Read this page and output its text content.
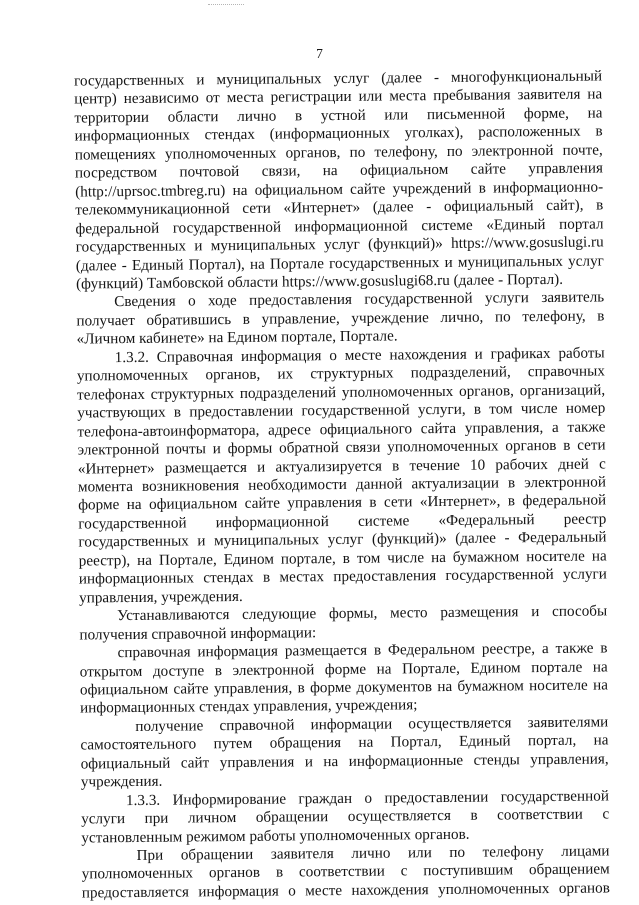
7
государственных и муниципальных услуг (далее - многофункциональный
центр) независимо от места регистрации или места пребывания заявителя на
территории области лично в устной или письменной форме, на
информационных стендах (информационных уголках), расположенных в
помещениях уполномоченных органов, по телефону, по электронной почте,
посредством почтовой связи, на официальном сайте управления
(http://uprsoc.tmbreg.ru) на официальном сайте учреждений в информационно-
телекоммуникационной сети «Интернет» (далее - официальный сайт), в
федеральной государственной информационной системе «Единый портал
государственных и муниципальных услуг (функций)» https://www.gosuslugi.ru
(далее - Единый Портал), на Портале государственных и муниципальных услуг
(функций) Тамбовской области https://www.gosuslugi68.ru (далее - Портал).
Сведения о ходе предоставления государственной услуги заявитель
получает обратившись в управление, учреждение лично, по телефону, в
«Личном кабинете» на Едином портале, Портале.
1.3.2. Справочная информация о месте нахождения и графиках работы
уполномоченных органов, их структурных подразделений, справочных
телефонах структурных подразделений уполномоченных органов, организаций,
участвующих в предоставлении государственной услуги, в том числе номер
телефона-автоинформатора, адресе официального сайта управления, а также
электронной почты и формы обратной связи уполномоченных органов в сети
«Интернет» размещается и актуализируется в течение 10 рабочих дней с
момента возникновения необходимости данной актуализации в электронной
форме на официальном сайте управления в сети «Интернет», в федеральной
государственной информационной системе «Федеральный реестр
государственных и муниципальных услуг (функций)» (далее - Федеральный
реестр), на Портале, Едином портале, в том числе на бумажном носителе на
информационных стендах в местах предоставления государственной услуги
управления, учреждения.
Устанавливаются следующие формы, место размещения и способы
получения справочной информации:
справочная информация размещается в Федеральном реестре, а также в
открытом доступе в электронной форме на Портале, Едином портале на
официальном сайте управления, в форме документов на бумажном носителе на
информационных стендах управления, учреждения;
получение справочной информации осуществляется заявителями
самостоятельного путем обращения на Портал, Единый портал, на
официальный сайт управления и на информационные стенды управления,
учреждения.
1.3.3. Информирование граждан о предоставлении государственной
услуги при личном обращении осуществляется в соответствии с
установленным режимом работы уполномоченных органов.
При обращении заявителя лично или по телефону лицами
уполномоченных органов в соответствии с поступившим обращением
предоставляется информация о месте нахождения уполномоченных органов
